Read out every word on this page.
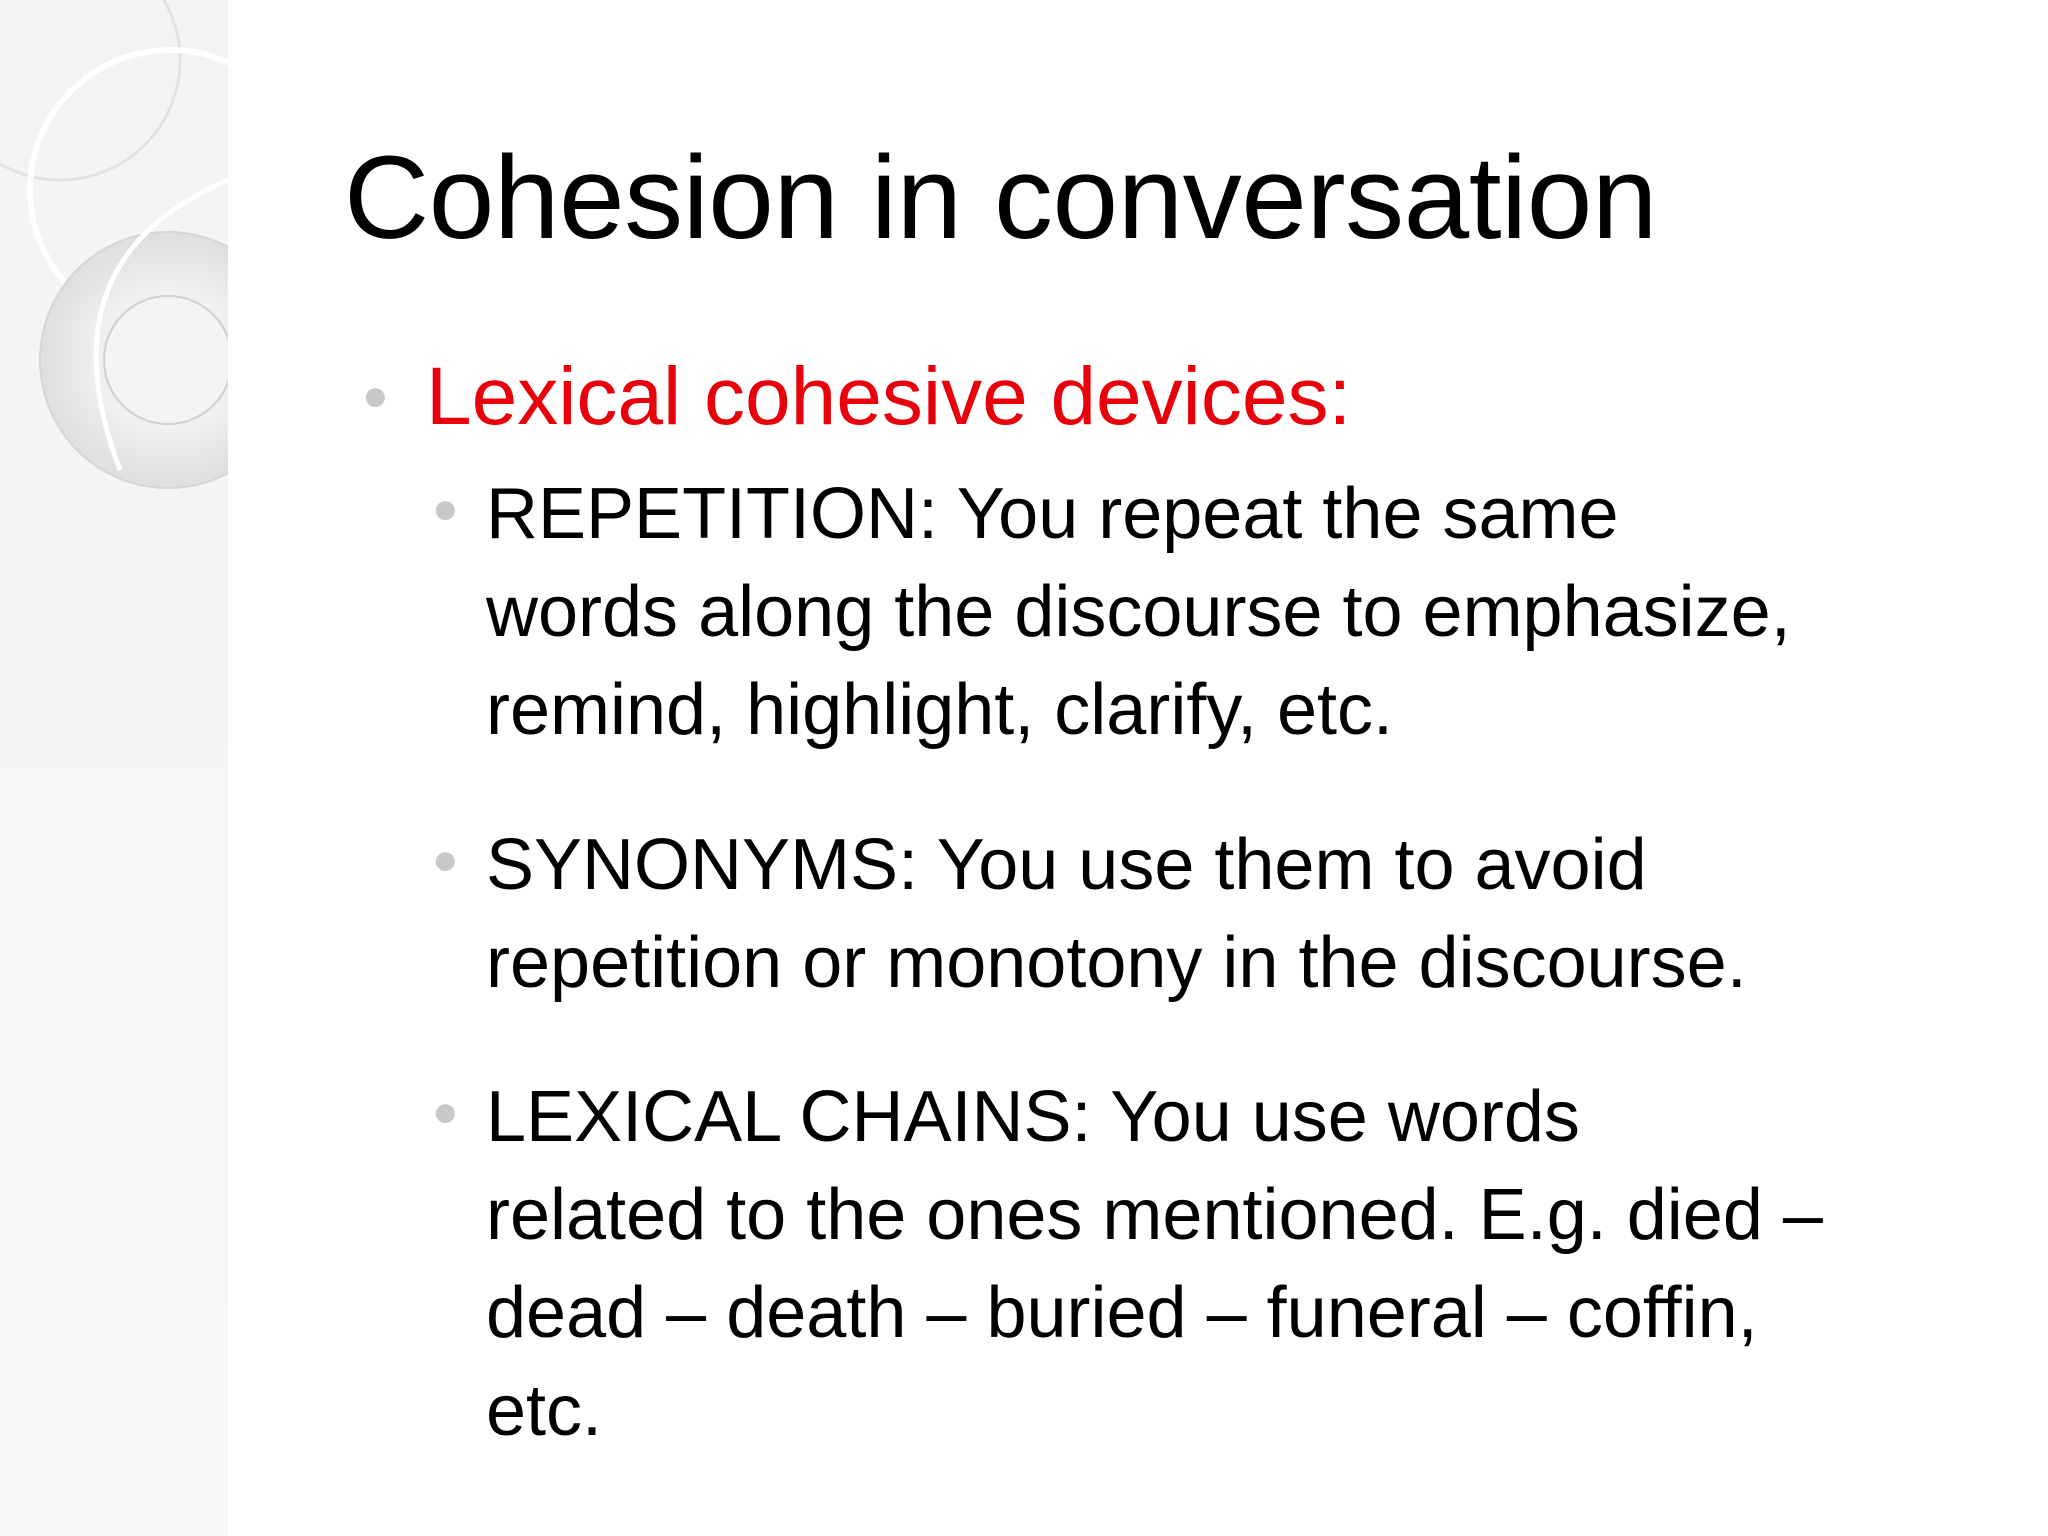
Cohesion in conversation
● Lexical cohesive devices:
● REPETITION: You repeat the same
words along the discourse to emphasize,
remind, highlight, clarify, etc.
● SYNONYMS: You use them to avoid
repetition or monotony in the discourse.
● LEXICAL CHAINS: You use words
related to the ones mentioned. E.g. died –
dead – death – buried – funeral – coffin,
etc.
